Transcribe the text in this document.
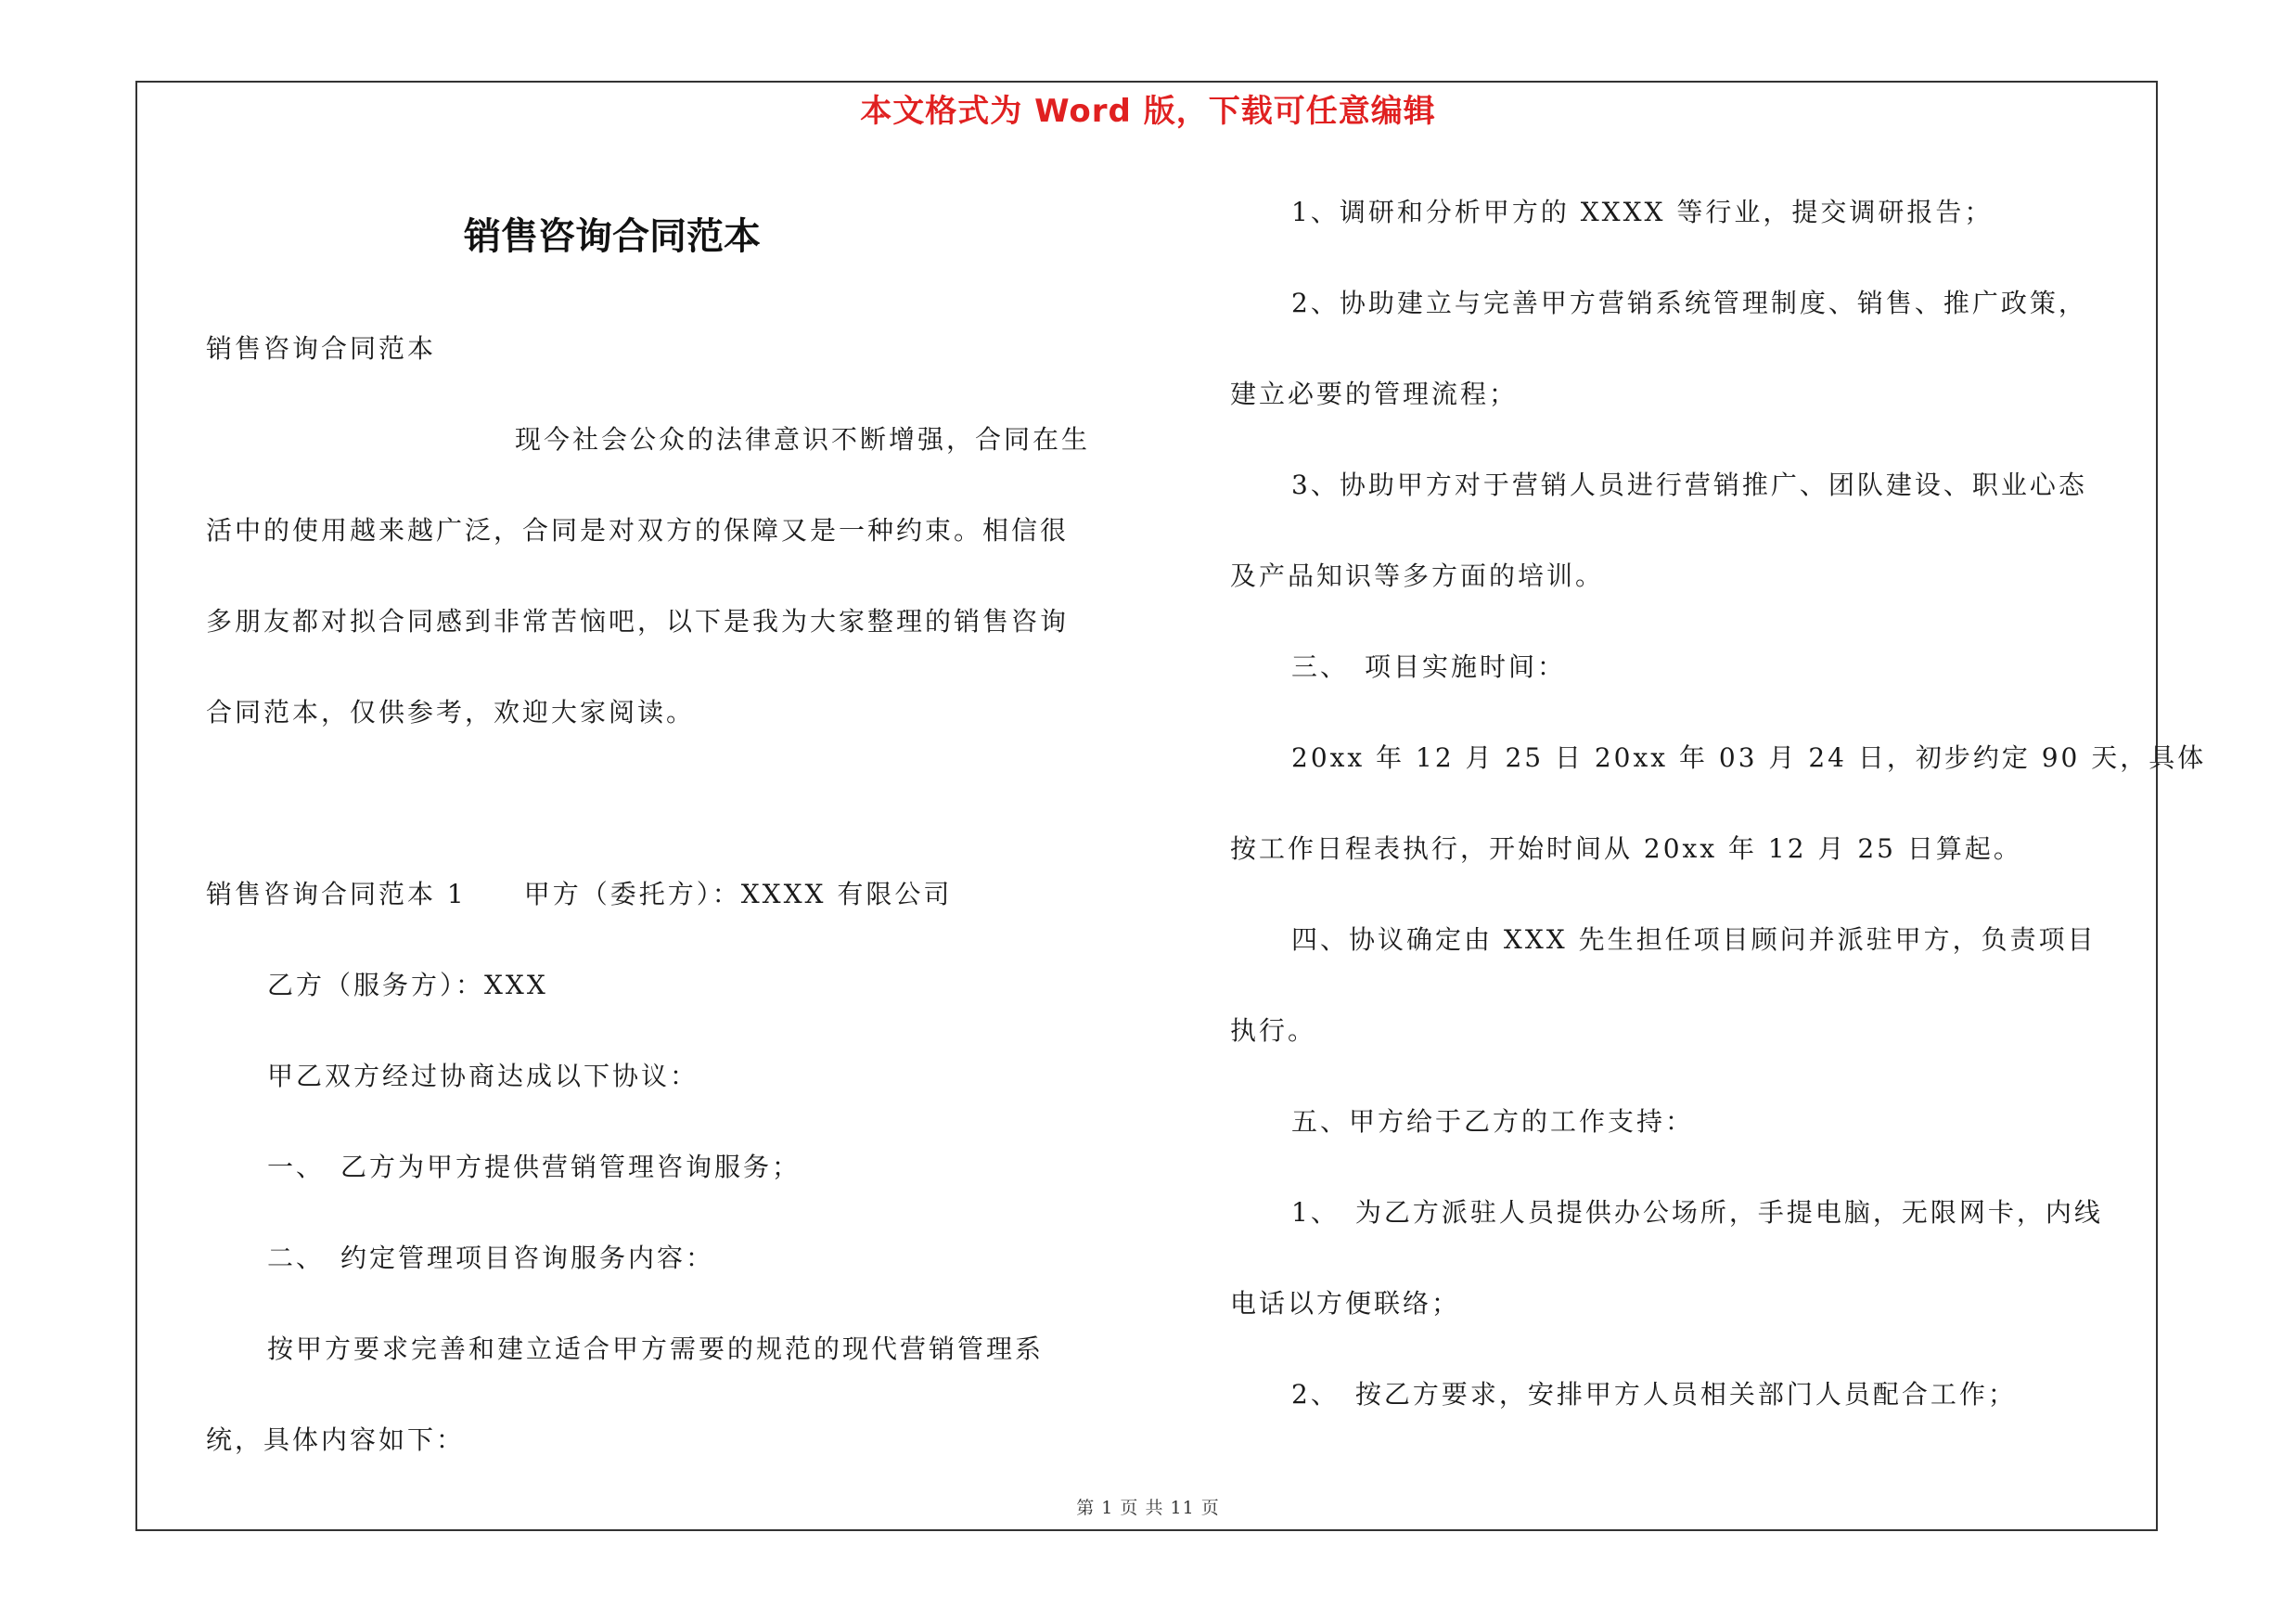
本文格式为 Word 版，下载可任意编辑
销售咨询合同范本

销售咨询合同范本

现今社会公众的法律意识不断增强，合同在生

活中的使用越来越广泛，合同是对双方的保障又是一种约束。相信很

多朋友都对拟合同感到非常苦恼吧，以下是我为大家整理的销售咨询

合同范本，仅供参考，欢迎大家阅读。

销售咨询合同范本 1　　甲方（委托方）：XXXX 有限公司

乙方（服务方）：XXX

甲乙双方经过协商达成以下协议：

一、　乙方为甲方提供营销管理咨询服务；

二、　约定管理项目咨询服务内容：

按甲方要求完善和建立适合甲方需要的规范的现代营销管理系

统，具体内容如下：

1、调研和分析甲方的 XXXX 等行业，提交调研报告；

2、协助建立与完善甲方营销系统管理制度、销售、推广政策，

建立必要的管理流程；

3、协助甲方对于营销人员进行营销推广、团队建设、职业心态

及产品知识等多方面的培训。

三、　项目实施时间：

20xx 年 12 月 25 日 20xx 年 03 月 24 日，初步约定 90 天，具体

按工作日程表执行，开始时间从 20xx 年 12 月 25 日算起。

四、协议确定由 XXX 先生担任项目顾问并派驻甲方，负责项目

执行。

五、甲方给于乙方的工作支持：

1、　为乙方派驻人员提供办公场所，手提电脑，无限网卡，内线

电话以方便联络；

2、　按乙方要求，安排甲方人员相关部门人员配合工作；

第 1 页 共 11 页
